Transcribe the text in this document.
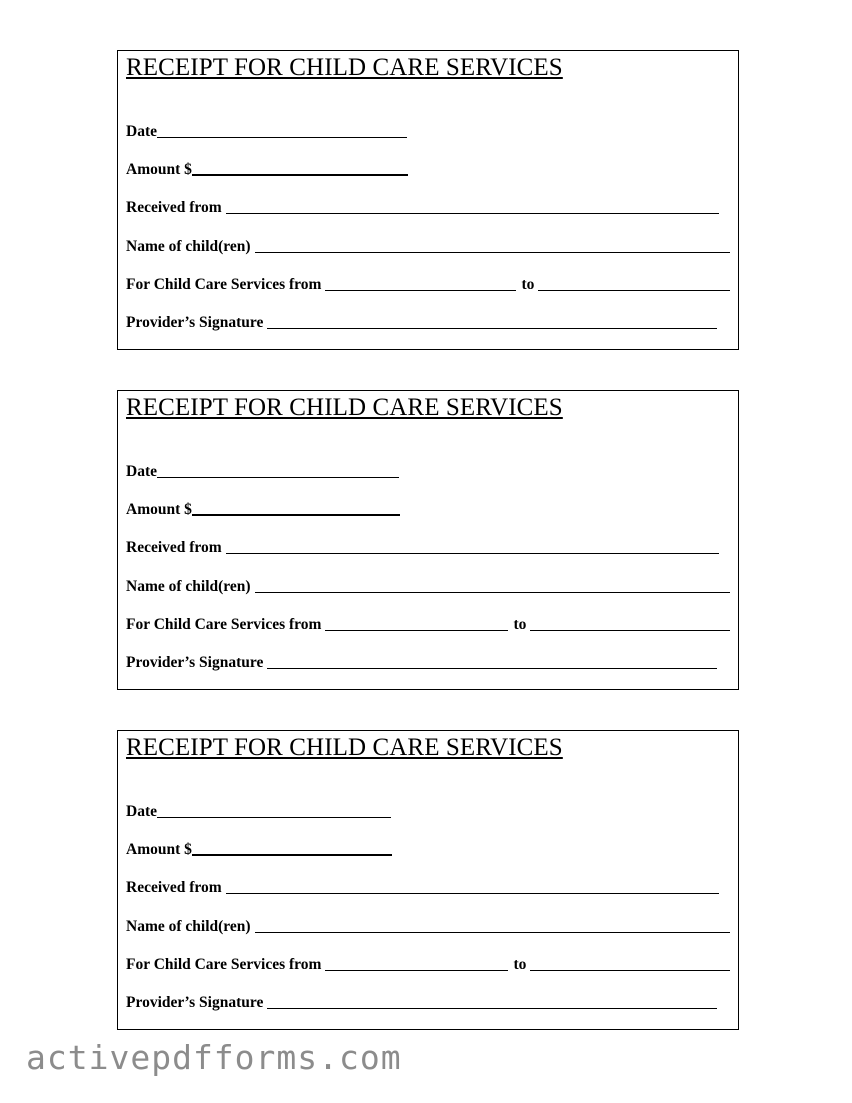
RECEIPT FOR CHILD CARE SERVICES
Date
Amount $
Received from
Name of child(ren)
For Child Care Services from	to
Provider’s Signature
RECEIPT FOR CHILD CARE SERVICES
Date
Amount $
Received from
Name of child(ren)
For Child Care Services from	to
Provider’s Signature
RECEIPT FOR CHILD CARE SERVICES
Date
Amount $
Received from
Name of child(ren)
For Child Care Services from	to
Provider’s Signature
activepdfforms.com
